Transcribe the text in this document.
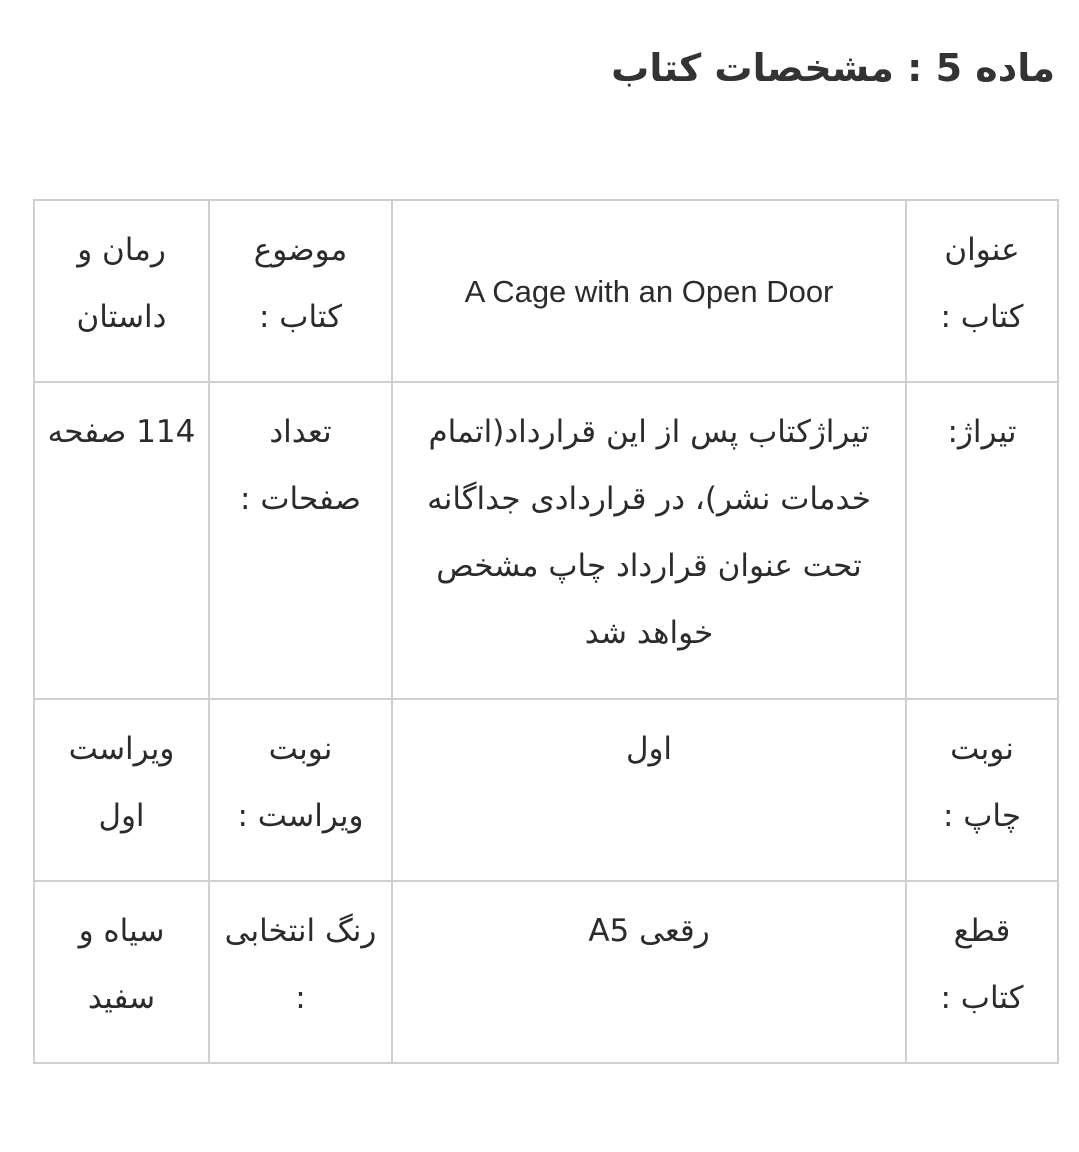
ماده 5 : مشخصات کتاب
عنوان کتاب :	A Cage with an Open Door	موضوع کتاب :	رمان و داستان
تیراژ:	تیراژکتاب پس از این قرارداد(اتمام خدمات نشر)، در قراردادی جداگانه تحت عنوان قرارداد چاپ مشخص خواهد شد	تعداد صفحات :	114 صفحه
نوبت چاپ :	اول	نوبت ویراست :	ویراست اول
قطع کتاب :	رقعی A5	رنگ انتخابی :	سیاه و سفید
